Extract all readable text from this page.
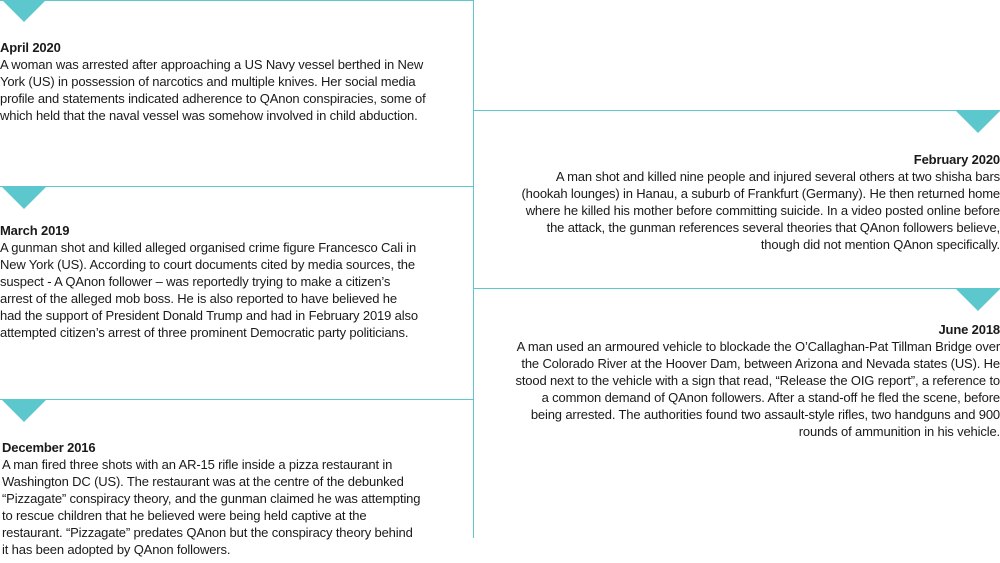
April 2020
A woman was arrested after approaching a US Navy vessel berthed in New York (US) in possession of narcotics and multiple knives. Her social media profile and statements indicated adherence to QAnon conspiracies, some of which held that the naval vessel was somehow involved in child abduction.
February 2020
A man shot and killed nine people and injured several others at two shisha bars (hookah lounges) in Hanau, a suburb of Frankfurt (Germany). He then returned home where he killed his mother before committing suicide. In a video posted online before the attack, the gunman references several theories that QAnon followers believe, though did not mention QAnon specifically.
March 2019
A gunman shot and killed alleged organised crime figure Francesco Cali in New York (US). According to court documents cited by media sources, the suspect - A QAnon follower – was reportedly trying to make a citizen’s arrest of the alleged mob boss. He is also reported to have believed he had the support of President Donald Trump and had in February 2019 also attempted citizen’s arrest of three prominent Democratic party politicians.	June 2018
A man used an armoured vehicle to blockade the O’Callaghan-Pat Tillman Bridge over the Colorado River at the Hoover Dam, between Arizona and Nevada states (US). He stood next to the vehicle with a sign that read, “Release the OIG report”, a reference to a common demand of QAnon followers. After a stand-off he fled the scene, before being arrested. The authorities found two assault-style rifles, two handguns and 900 rounds of ammunition in his vehicle.
December 2016
A man fired three shots with an AR-15 rifle inside a pizza restaurant in Washington DC (US). The restaurant was at the centre of the debunked “Pizzagate” conspiracy theory, and the gunman claimed he was attempting to rescue children that he believed were being held captive at the restaurant. “Pizzagate” predates QAnon but the conspiracy theory behind it has been adopted by QAnon followers.
